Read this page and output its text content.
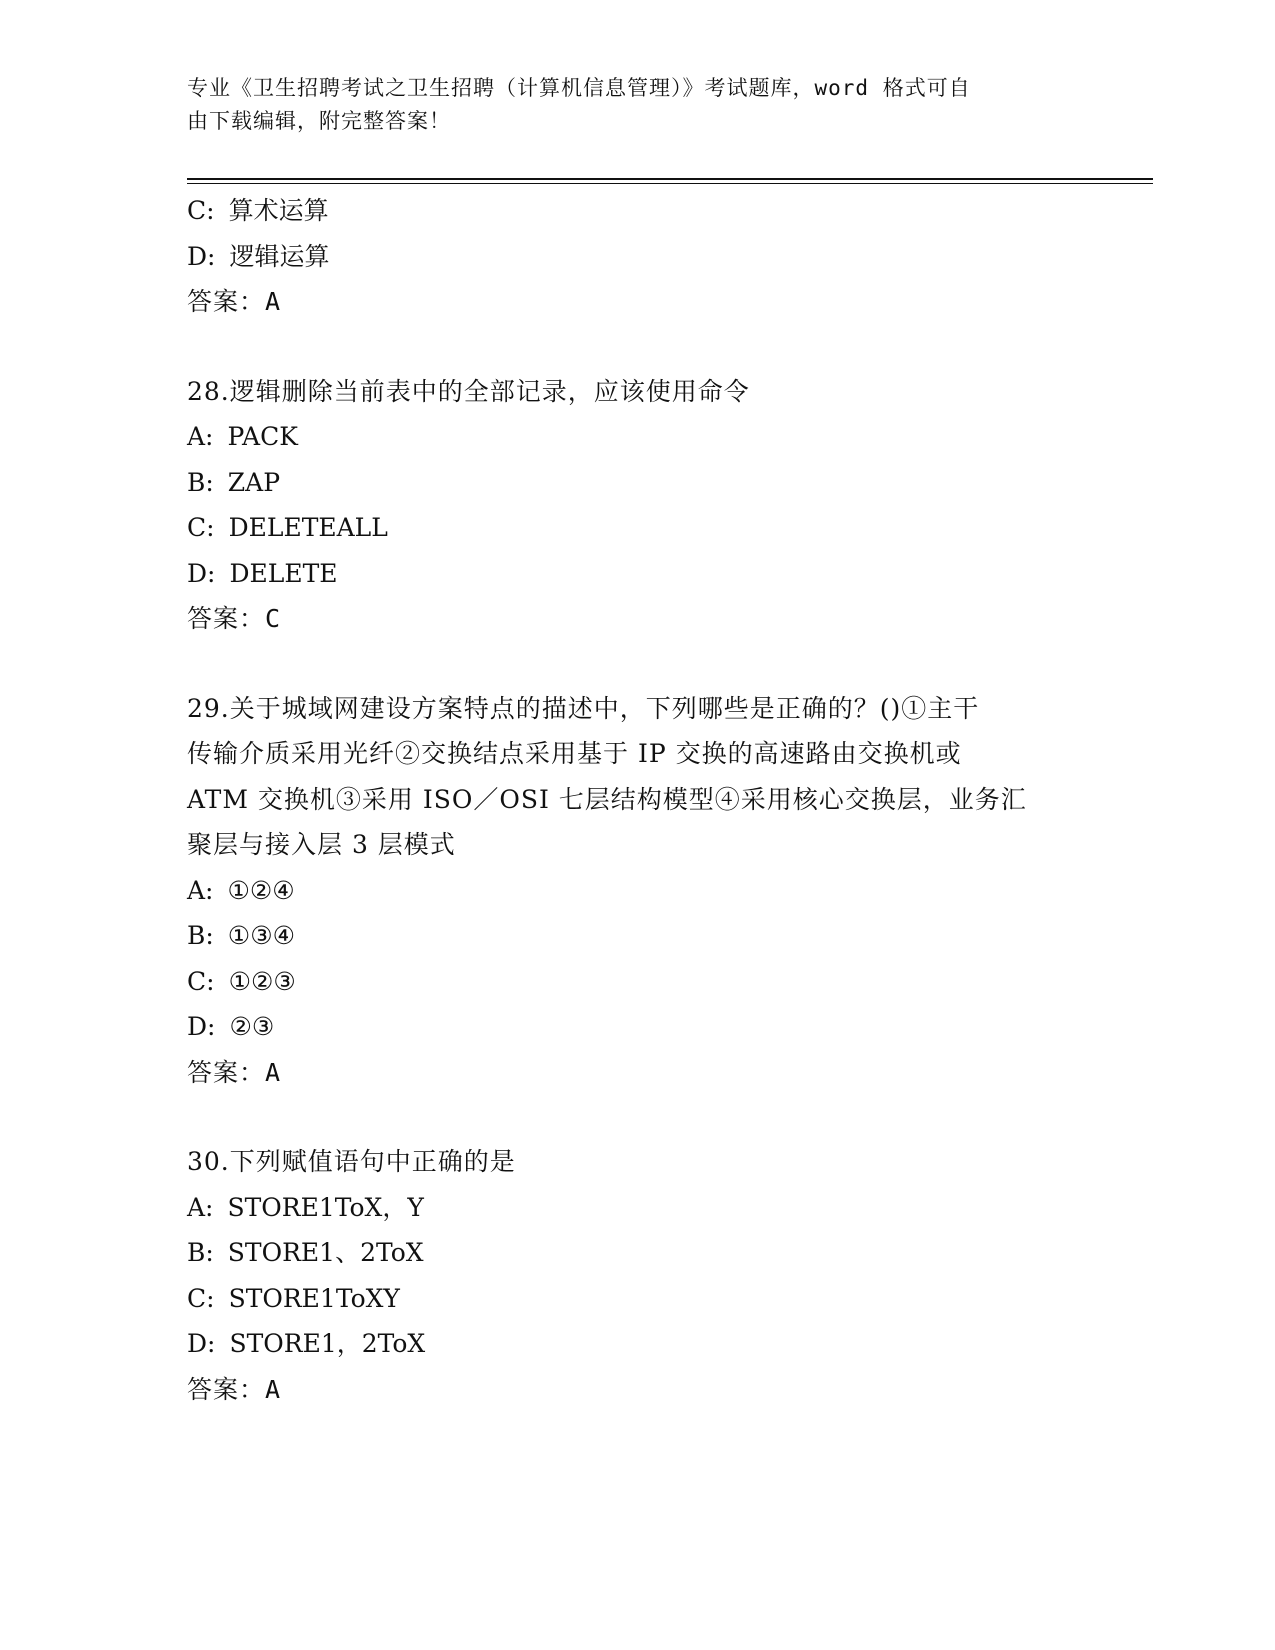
专业《卫生招聘考试之卫生招聘（计算机信息管理）》考试题库，word 格式可自

由下载编辑，附完整答案！

C: 算术运算
D: 逻辑运算
答案：A
28.逻辑删除当前表中的全部记录，应该使用命令
A: PACK
B: ZAP
C: DELETEALL
D: DELETE
答案：C
29.关于城域网建设方案特点的描述中，下列哪些是正确的？()①主干
传输介质采用光纤②交换结点采用基于 IP 交换的高速路由交换机或
ATM 交换机③采用 ISO／OSI 七层结构模型④采用核心交换层，业务汇
聚层与接入层 3 层模式
A: ①②④
B: ①③④
C: ①②③
D: ②③
答案：A
30.下列赋值语句中正确的是
A: STORE1ToX，Y
B: STORE1、2ToX
C: STORE1ToXY
D: STORE1，2ToX
答案：A
